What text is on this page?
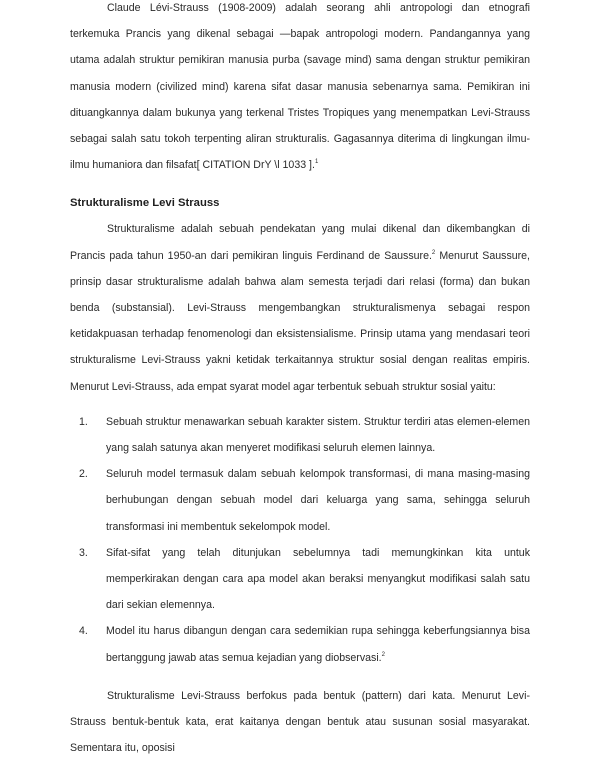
Claude Lévi-Strauss (1908-2009) adalah seorang ahli antropologi dan etnografi terkemuka Prancis yang dikenal sebagai ―bapak antropologi modern. Pandangannya yang utama adalah struktur pemikiran manusia purba (savage mind) sama dengan struktur pemikiran manusia modern (civilized mind) karena sifat dasar manusia sebenarnya sama. Pemikiran ini dituangkannya dalam bukunya yang terkenal Tristes Tropiques yang menempatkan Levi-Strauss sebagai salah satu tokoh terpenting aliran strukturalis. Gagasannya diterima di lingkungan ilmu-ilmu humaniora dan filsafat[ CITATION DrY \l 1033 ].$^1$

Strukturalisme Levi Strauss

Strukturalisme adalah sebuah pendekatan yang mulai dikenal dan dikembangkan di Prancis pada tahun 1950-an dari pemikiran linguis Ferdinand de Saussure.$^2$ Menurut Saussure, prinsip dasar strukturalisme adalah bahwa alam semesta terjadi dari relasi (forma) dan bukan benda (substansial). Levi-Strauss mengembangkan strukturalismenya sebagai respon ketidakpuasan terhadap fenomenologi dan eksistensialisme. Prinsip utama yang mendasari teori strukturalisme Levi-Strauss yakni ketidak terkaitannya struktur sosial dengan realitas empiris. Menurut Levi-Strauss, ada empat syarat model agar terbentuk sebuah struktur sosial yaitu:

1. Sebuah struktur menawarkan sebuah karakter sistem. Struktur terdiri atas elemen-elemen yang salah satunya akan menyeret modifikasi seluruh elemen lainnya.
2. Seluruh model termasuk dalam sebuah kelompok transformasi, di mana masing-masing berhubungan dengan sebuah model dari keluarga yang sama, sehingga seluruh transformasi ini membentuk sekelompok model.
3. Sifat-sifat yang telah ditunjukan sebelumnya tadi memungkinkan kita untuk memperkirakan dengan cara apa model akan beraksi menyangkut modifikasi salah satu dari sekian elemennya.
4. Model itu harus dibangun dengan cara sedemikian rupa sehingga keberfungsiannya bisa bertanggung jawab atas semua kejadian yang diobservasi.$^2$

Strukturalisme Levi-Strauss berfokus pada bentuk (pattern) dari kata. Menurut Levi-Strauss bentuk-bentuk kata, erat kaitanya dengan bentuk atau susunan sosial masyarakat. Sementara itu, oposisi
